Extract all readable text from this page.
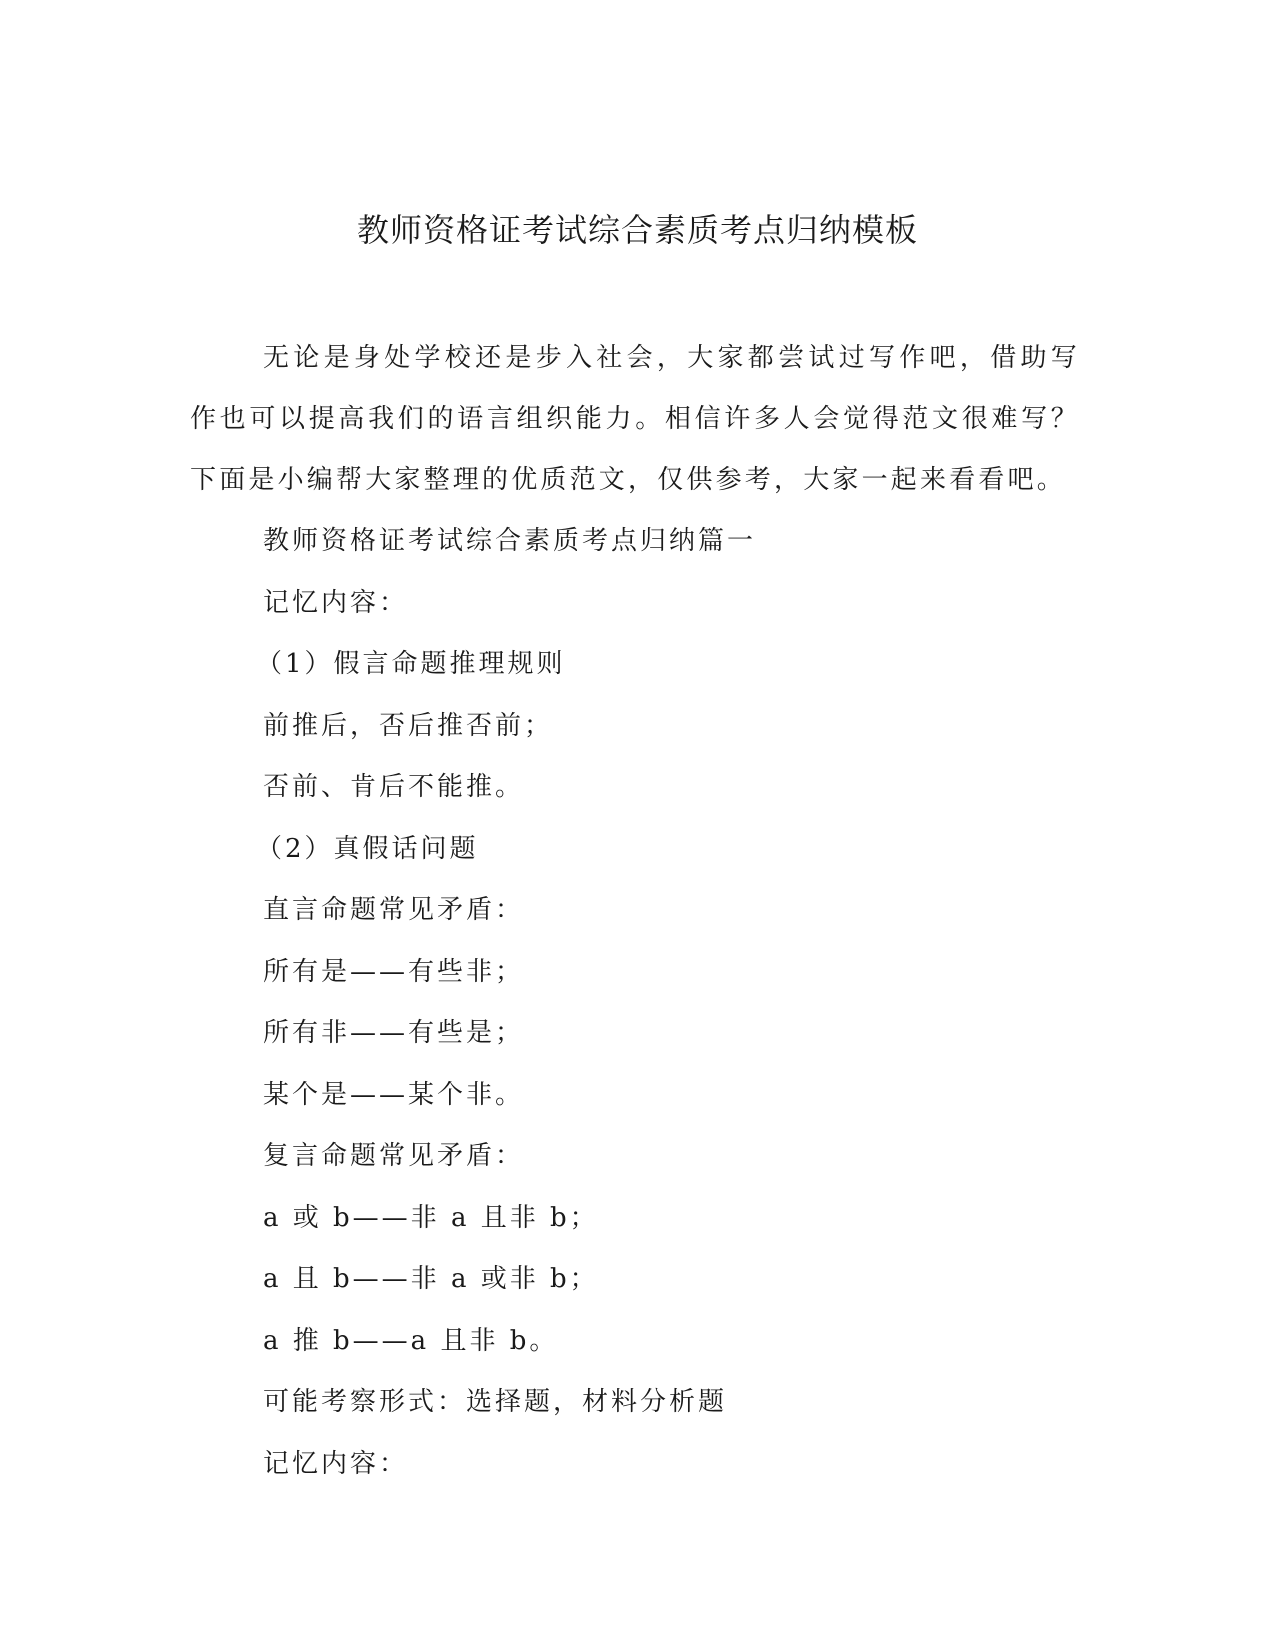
教师资格证考试综合素质考点归纳模板

无论是身处学校还是步入社会，大家都尝试过写作吧，借助写作也可以提高我们的语言组织能力。相信许多人会觉得范文很难写？下面是小编帮大家整理的优质范文，仅供参考，大家一起来看看吧。

教师资格证考试综合素质考点归纳篇一
记忆内容：
（1）假言命题推理规则
前推后，否后推否前；
否前、肯后不能推。
（2）真假话问题
直言命题常见矛盾：
所有是——有些非；
所有非——有些是；
某个是——某个非。
复言命题常见矛盾：
a 或 b——非 a 且非 b；
a 且 b——非 a 或非 b；
a 推 b——a 且非 b。
可能考察形式：选择题，材料分析题
记忆内容：
